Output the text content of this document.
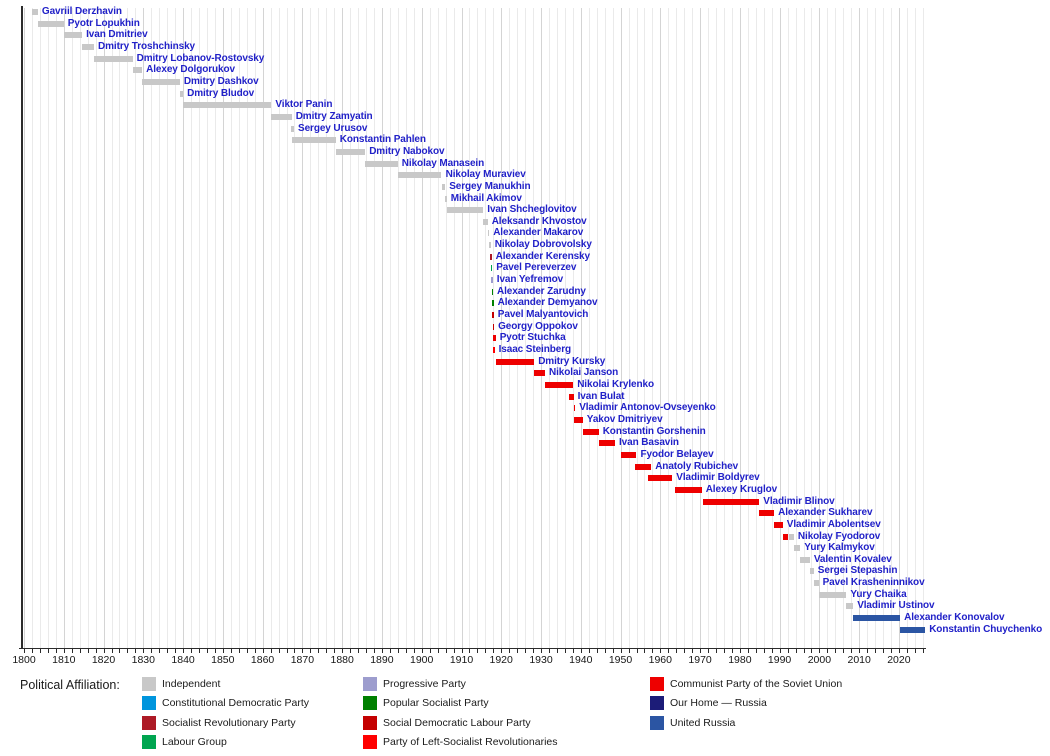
Gavriil Derzhavin
Pyotr Lopukhin
Ivan Dmitriev
Dmitry Troshchinsky
Dmitry Lobanov-Rostovsky
Alexey Dolgorukov
Dmitry Dashkov
Dmitry Bludov
Viktor Panin
Dmitry Zamyatin
Sergey Urusov
Konstantin Pahlen
Dmitry Nabokov
Nikolay Manasein
Nikolay Muraviev
Sergey Manukhin
Mikhail Akimov
Ivan Shcheglovitov
Aleksandr Khvostov
Alexander Makarov
Nikolay Dobrovolsky
Alexander Kerensky
Pavel Pereverzev
Ivan Yefremov
Alexander Zarudny
Alexander Demyanov
Pavel Malyantovich
Georgy Oppokov
Pyotr Stuchka
Isaac Steinberg
Dmitry Kursky
Nikolai Janson
Nikolai Krylenko
Ivan Bulat
Vladimir Antonov-Ovseyenko
Yakov Dmitriyev
Konstantin Gorshenin
Ivan Basavin
Fyodor Belayev
Anatoly Rubichev
Vladimir Boldyrev
Alexey Kruglov
Vladimir Blinov
Alexander Sukharev
Vladimir Abolentsev
Nikolay Fyodorov
Yury Kalmykov
Valentin Kovalev
Sergei Stepashin
Pavel Krasheninnikov
Yury Chaika
Vladimir Ustinov
Alexander Konovalov
Konstantin Chuychenko
1800 1810 1820 1830 1840 1850 1860 1870 1880 1890 1900 1910 1920 1930 1940 1950 1960 1970 1980 1990 2000 2010 2020
Political Affiliation:	Independent
Constitutional Democratic Party
Socialist Revolutionary Party
Labour Group
Progressive Party
Popular Socialist Party
Social Democratic Labour Party
Party of Left-Socialist Revolutionaries
Communist Party of the Soviet Union
Our Home — Russia
United Russia
